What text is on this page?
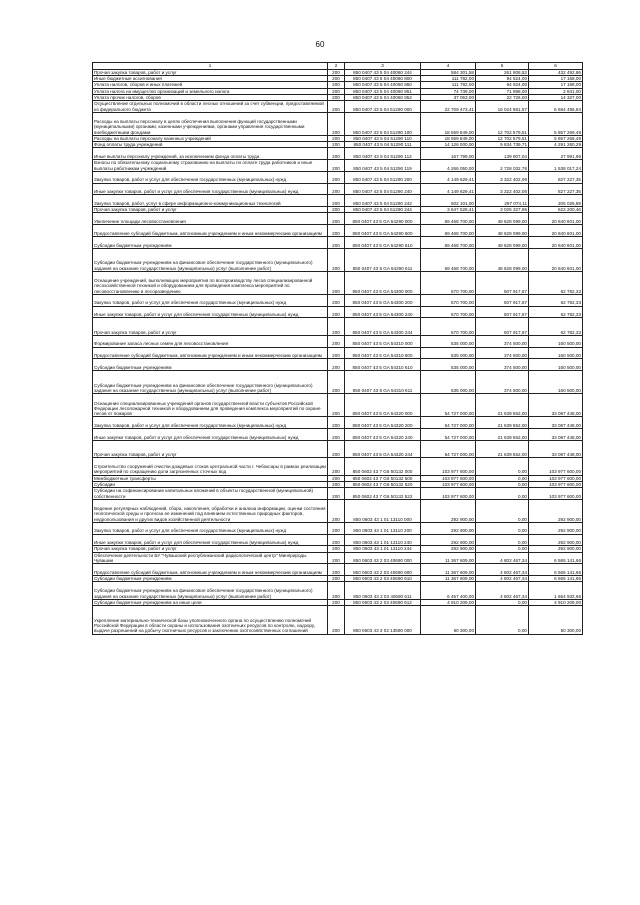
60
1	2	3	4	5	6
Прочая закупка товаров, работ и услуг	200	850 0407 43 5 04 40060 244	584 301,58	261 808,52	432 492,86
Иные бюджетные ассигнования	200	850 0407 43 5 04 40060 800	111 782,00	94 624,00	17 168,00
Уплата налогов, сборов и иных платежей	200	850 0407 43 5 04 40060 850	111 782,00	94 624,00	17 168,00
Уплата налога на имущество организаций и земельного налога	200	850 0407 43 5 04 40060 851	74 739,00	71 898,00	2 841,00
Уплата прочих налогов, сборов	200	850 0407 43 5 04 40060 852	37 053,00	22 726,00	14 327,00
Осуществление отдельных полномочий в области лесных отношений за счет субвенции, предоставляемой из федерального бюджета	200	850 0407 43 5 04 51290 000	22 709 473,41	16 024 981,57	6 684 496,84
Расходы на выплаты персоналу в целях обеспечения выполнения функций государственными (муниципальными) органами, казенными учреждениями, органами управления государственными внебюджетными фондами	200	850 0407 43 5 04 51290 100	18 559 849,00	12 702 579,51	5 857 269,49
Расходы на выплаты персоналу казенных учреждений	200	850 0407 43 5 04 51290 110	18 559 849,00	12 702 579,51	5 857 269,49
Фонд оплаты труда учреждений	200	850 0407 43 5 04 51290 111	14 126 000,00	9 834 739,71	4 291 260,29
Иные выплаты персоналу учреждений, за исключением фонда оплаты труда	200	850 0407 43 5 04 51290 112	167 799,00	139 807,04	27 991,96
Взносы по обязательному социальному страхованию на выплаты по оплате труда работников и иные выплаты работникам учреждений	200	850 0407 43 5 04 51290 119	4 266 050,00	2 728 032,76	1 538 017,24
Закупка товаров, работ и услуг для обеспечения государственных (муниципальных) нужд	200	850 0407 43 5 04 51290 200	4 149 629,41	3 322 402,06	827 227,35
Иные закупки товаров, работ и услуг для обеспечения государственных (муниципальных) нужд	200	850 0407 43 5 04 51290 240	4 149 629,41	3 322 402,06	827 227,35
Закупка товаров, работ, услуг в сфере информационно-коммуникационных технологий	200	850 0407 43 5 04 51290 242	502 101,00	297 074,11	205 026,89
Прочая закупка товаров, работ и услуг	200	850 0407 43 5 04 51290 244	3 647 528,41	3 025 327,95	622 200,46
Увеличение площади лесовосстановления	200	850 0407 43 5 GA 54290 000	69 468 700,00	48 628 099,00	20 840 601,00
Предоставление субсидий бюджетным, автономным учреждениям и иным некоммерческим организациям	200	850 0407 43 5 GA 54290 600	69 468 700,00	48 628 099,00	20 840 601,00
Субсидии бюджетным учреждениям	200	850 0407 43 5 GA 54290 610	69 468 700,00	48 628 099,00	20 840 601,00
Субсидии бюджетным учреждениям на финансовое обеспечение государственного (муниципального) задания на оказание государственных (муниципальных) услуг (выполнение работ)	200	850 0407 43 5 GA 54290 611	69 468 700,00	48 628 099,00	20 840 601,00
Оснащение учреждений, выполняющих мероприятия по воспроизводству лесов специализированной лесохозяйственной техникой и оборудованием для проведения комплекса мероприятий по лесовосстановлению и лесоразведению	200	850 0407 43 5 GA 54300 000	570 700,00	507 917,67	62 782,33
Закупка товаров, работ и услуг для обеспечения государственных (муниципальных) нужд	200	850 0407 43 5 GA 54300 200	570 700,00	507 917,67	62 782,33
Иные закупки товаров, работ и услуг для обеспечения государственных (муниципальных) нужд	200	850 0407 43 5 GA 54300 240	570 700,00	507 917,67	62 782,33
Прочая закупка товаров, работ и услуг	200	850 0407 43 5 GA 54300 244	570 700,00	507 917,67	62 782,33
Формирование запаса лесных семян для лесовосстановления	200	850 0407 43 5 GA 54310 000	535 000,00	374 500,00	160 500,00
Предоставление субсидий бюджетным, автономным учреждениям и иным некоммерческим организациям	200	850 0407 43 5 GA 54310 600	535 000,00	374 500,00	160 500,00
Субсидии бюджетным учреждениям	200	850 0407 43 5 GA 54310 610	535 000,00	374 500,00	160 500,00
Субсидии бюджетным учреждениям на финансовое обеспечение государственного (муниципального) задания на оказание государственных (муниципальных) услуг (выполнение работ)	200	850 0407 43 5 GA 54310 611	535 000,00	374 500,00	160 500,00
Оснащение специализированных учреждений органов государственной власти субъектов Российской Федерации лесопожарной техникой и оборудованием для проведения комплекса мероприятий по охране лесов от пожаров	200	850 0407 43 5 GA 54320 000	54 727 000,00	21 639 552,00	33 087 448,00
Закупка товаров, работ и услуг для обеспечения государственных (муниципальных) нужд	200	850 0407 43 5 GA 54320 200	54 727 000,00	21 639 552,00	33 087 448,00
Иные закупки товаров, работ и услуг для обеспечения государственных (муниципальных) нужд	200	850 0407 43 5 GA 54320 240	54 727 000,00	21 639 552,00	33 087 448,00
Прочая закупка товаров, работ и услуг	200	850 0407 43 5 GA 54320 244	54 727 000,00	21 639 552,00	33 087 448,00
Строительство сооружений очистки дождевых стоков центральной части г. Чебоксары в рамках реализации мероприятий по сокращению доли загрязненных сточных вод	200	850 0602 43 7 G6 50132 000	103 977 600,00	0,00	103 977 600,00
Межбюджетные трансферты	200	850 0602 43 7 G6 50132 500	103 977 600,00	0,00	103 977 600,00
Субсидии	200	850 0602 43 7 G6 50132 520	103 977 600,00	0,00	103 977 600,00
Субсидии на софинансирование капитальных вложений в объекты государственной (муниципальной) собственности	200	850 0602 43 7 G6 50132 522	103 977 600,00	0,00	103 977 600,00
Ведение регулярных наблюдений, сбора, накопления, обработки и анализа информации, оценки состояния геологической среды и прогноза ее изменений под влиянием естественных природных факторов, недропользования и других видов хозяйственной деятельности	200	850 0603 43 1 01 13110 000	292 900,00	0,00	292 900,00
Закупка товаров, работ и услуг для обеспечения государственных (муниципальных) нужд	200	850 0603 43 1 01 13110 200	292 900,00	0,00	292 900,00
Иные закупки товаров, работ и услуг для обеспечения государственных (муниципальных) нужд	200	850 0603 43 1 01 13110 240	292 900,00	0,00	292 900,00
Прочая закупка товаров, работ и услуг	200	850 0603 43 1 01 13110 244	292 900,00	0,00	292 900,00
Обеспечение деятельности БУ "Чувашский республиканский радиологический центр" Минприроды Чувашии	200	850 0603 43 2 03 40690 000	11 367 609,00	4 802 467,34	6 565 141,66
Предоставление субсидий бюджетным, автономным учреждениям и иным некоммерческим организациям	200	850 0603 43 2 03 40690 600	11 367 609,00	4 802 467,34	6 565 141,66
Субсидии бюджетным учреждениям	200	850 0603 43 2 03 40690 610	11 367 609,00	4 802 467,34	6 565 141,66
Субсидии бюджетным учреждениям на финансовое обеспечение государственного (муниципального) задания на оказание государственных (муниципальных) услуг (выполнение работ)	200	850 0603 43 2 03 40690 611	6 457 400,00	4 802 467,34	1 654 932,66
Субсидии бюджетным учреждениям на иные цели	200	850 0603 43 2 03 40690 612	4 910 209,00	0,00	4 910 209,00
Укрепление материально-технической базы уполномоченного органа по осуществлению полномочий Российской Федерации в области охраны и использования охотничьих ресурсов по контролю, надзору, выдаче разрешений на добычу охотничьих ресурсов и заключению охотхозяйственных соглашений	200	850 0603 43 3 02 13590 000	60 300,00	0,00	60 300,00
